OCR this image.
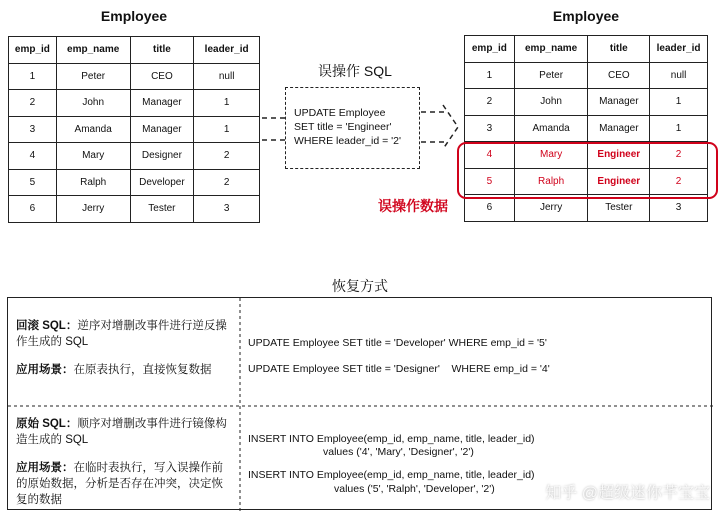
Employee
emp_id	emp_name	title	leader_id
1	Peter	CEO	null
2	John	Manager	1
3	Amanda	Manager	1
4	Mary	Designer	2
5	Ralph	Developer	2
6	Jerry	Tester	3
误操作 SQL
UPDATE Employee
SET title = 'Engineer'
WHERE leader_id = '2'
Employee
emp_id	emp_name	title	leader_id
1	Peter	CEO	null
2	John	Manager	1
3	Amanda	Manager	1
4	Mary	Engineer	2
5	Ralph	Engineer	2
6	Jerry	Tester	3
误操作数据
恢复方式
回滚 SQL：逆序对增删改事件进行逆反操作生成的 SQL
应用场景：在原表执行，直接恢复数据
UPDATE Employee SET title = 'Developer' WHERE emp_id = '5'
UPDATE Employee SET title = 'Designer'    WHERE emp_id = '4'
原始 SQL：顺序对增删改事件进行镜像构造生成的 SQL
应用场景：在临时表执行，写入误操作前的原始数据，分析是否存在冲突，决定恢复的数据
INSERT INTO Employee(emp_id, emp_name, title, leader_id)
values ('4', 'Mary', 'Designer', '2')
INSERT INTO Employee(emp_id, emp_name, title, leader_id)
values ('5', 'Ralph', 'Developer', '2')	知乎 @超级迷你芊宝宝
